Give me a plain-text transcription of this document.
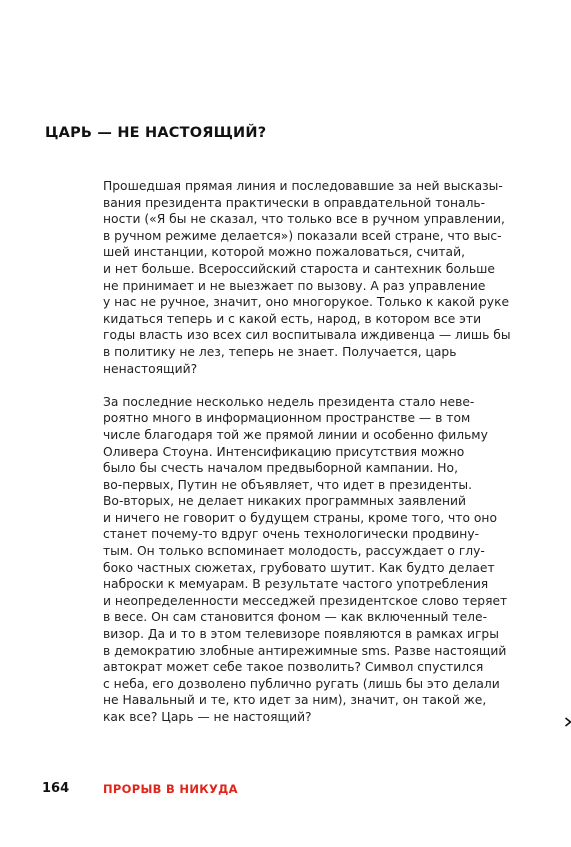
ЦАРЬ — НЕ НАСТОЯЩИЙ?

Прошедшая прямая линия и последовавшие за ней высказы-
вания президента практически в оправдательной тональ-
ности («Я бы не сказал, что только все в ручном управлении,
в ручном режиме делается») показали всей стране, что выс-
шей инстанции, которой можно пожаловаться, считай,
и нет больше. Всероссийский староста и сантехник больше
не принимает и не выезжает по вызову. А раз управление
у нас не ручное, значит, оно многорукое. Только к какой руке
кидаться теперь и с какой есть, народ, в котором все эти
годы власть изо всех сил воспитывала иждивенца — лишь бы
в политику не лез, теперь не знает. Получается, царь
ненастоящий?

За последние несколько недель президента стало неве-
роятно много в информационном пространстве — в том
числе благодаря той же прямой линии и особенно фильму
Оливера Стоуна. Интенсификацию присутствия можно
было бы счесть началом предвыборной кампании. Но,
во-первых, Путин не объявляет, что идет в президенты.
Во-вторых, не делает никаких программных заявлений
и ничего не говорит о будущем страны, кроме того, что оно
станет почему-то вдруг очень технологически продвину-
тым. Он только вспоминает молодость, рассуждает о глу-
боко частных сюжетах, грубовато шутит. Как будто делает
наброски к мемуарам. В результате частого употребления
и неопределенности месседжей президентское слово теряет
в весе. Он сам становится фоном — как включенный теле-
визор. Да и то в этом телевизоре появляются в рамках игры
в демократию злобные антирежимные sms. Разве настоящий
автократ может себе такое позволить? Символ спустился
с неба, его дозволено публично ругать (лишь бы это делали
не Навальный и те, кто идет за ним), значит, он такой же,
как все? Царь — не настоящий?

164	ПРОРЫВ В НИКУДА
